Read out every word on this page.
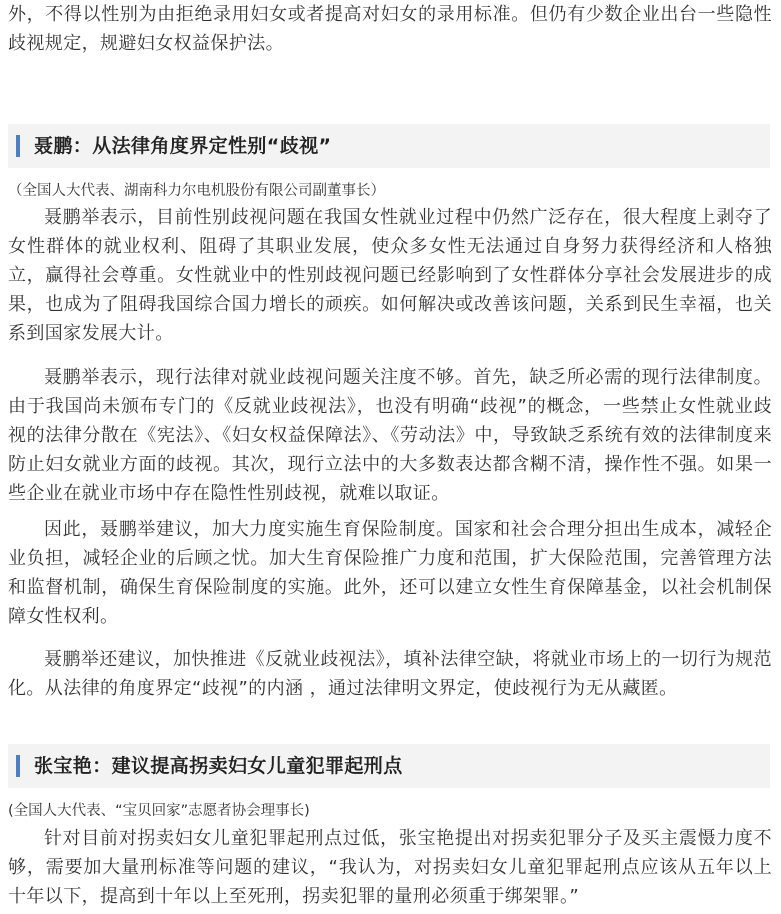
外，不得以性别为由拒绝录用妇女或者提高对妇女的录用标准。但仍有少数企业出台一些隐性歧视规定，规避妇女权益保护法。

聂鹏：从法律角度界定性别“歧视”
（全国人大代表、湖南科力尔电机股份有限公司副董事长）

聂鹏举表示，目前性别歧视问题在我国女性就业过程中仍然广泛存在，很大程度上剥夺了女性群体的就业权利、阻碍了其职业发展，使众多女性无法通过自身努力获得经济和人格独立，赢得社会尊重。女性就业中的性别歧视问题已经影响到了女性群体分享社会发展进步的成果，也成为了阻碍我国综合国力增长的顽疾。如何解决或改善该问题，关系到民生幸福，也关系到国家发展大计。

聂鹏举表示，现行法律对就业歧视问题关注度不够。首先，缺乏所必需的现行法律制度。由于我国尚未颁布专门的《反就业歧视法》，也没有明确“歧视”的概念，一些禁止女性就业歧视的法律分散在《宪法》、《妇女权益保障法》、《劳动法》中，导致缺乏系统有效的法律制度来防止妇女就业方面的歧视。其次，现行立法中的大多数表达都含糊不清，操作性不强。如果一些企业在就业市场中存在隐性性别歧视，就难以取证。

因此，聂鹏举建议，加大力度实施生育保险制度。国家和社会合理分担出生成本，减轻企业负担，减轻企业的后顾之忧。加大生育保险推广力度和范围，扩大保险范围，完善管理方法和监督机制，确保生育保险制度的实施。此外，还可以建立女性生育保障基金，以社会机制保障女性权利。

聂鹏举还建议，加快推进《反就业歧视法》，填补法律空缺，将就业市场上的一切行为规范化。从法律的角度界定“歧视”的内涵 ，通过法律明文界定，使歧视行为无从藏匿。

张宝艳：建议提高拐卖妇女儿童犯罪起刑点
(全国人大代表、“宝贝回家”志愿者协会理事长)

针对目前对拐卖妇女儿童犯罪起刑点过低，张宝艳提出对拐卖犯罪分子及买主震慑力度不够，需要加大量刑标准等问题的建议，“我认为，对拐卖妇女儿童犯罪起刑点应该从五年以上十年以下，提高到十年以上至死刑，拐卖犯罪的量刑必须重于绑架罪。”
